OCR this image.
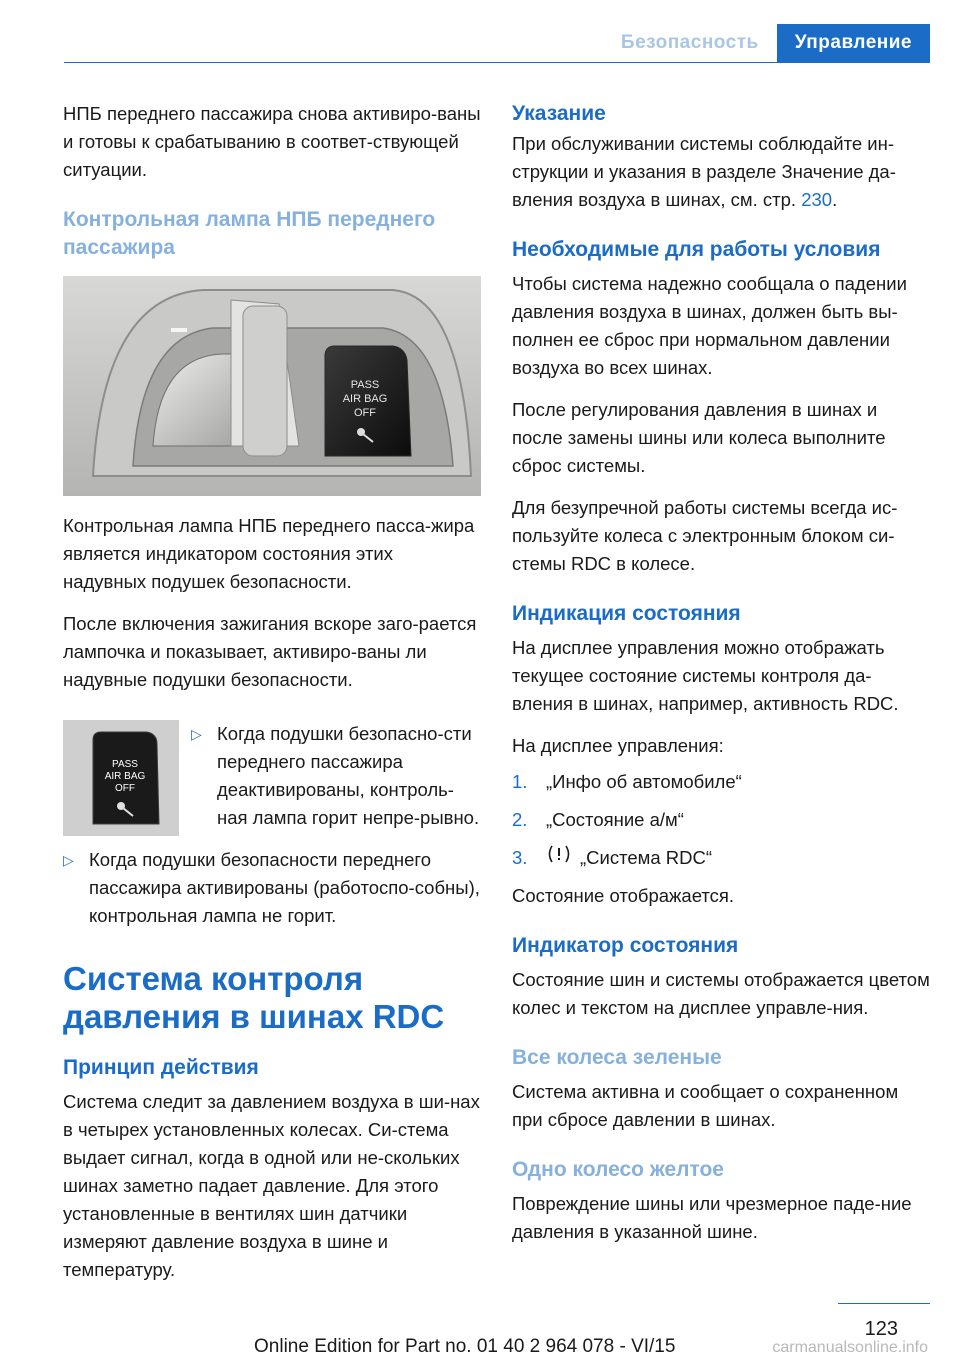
Безопасность	Управление

НПБ переднего пассажира снова активиро-ваны и готовы к срабатыванию в соответ-ствующей ситуации.

Контрольная лампа НПБ переднего пассажира
PASS
AIR BAG
OFF

Контрольная лампа НПБ переднего пасса-жира является индикатором состояния этих надувных подушек безопасности.

После включения зажигания вскоре заго-рается лампочка и показывает, активиро-ваны ли надувные подушки безопасности.

PASS
AIR BAG
OFF
▷ Когда подушки безопасно-сти переднего пассажира деактивированы, контроль-ная лампа горит непре-рывно.
▷ Когда подушки безопасности переднего пассажира активированы (работоспо-собны), контрольная лампа не горит.
Система контроля давления в шинах RDC
Принцип действия

Система следит за давлением воздуха в ши-нах в четырех установленных колесах. Си-стема выдает сигнал, когда в одной или не-скольких шинах заметно падает давление. Для этого установленные в вентилях шин датчики измеряют давление воздуха в шине и температуру.

Указание

При обслуживании системы соблюдайте ин-струкции и указания в разделе Значение да-вления воздуха в шинах, см. стр. 230.

Необходимые для работы условия

Чтобы система надежно сообщала о падении давления воздуха в шинах, должен быть вы-полнен ее сброс при нормальном давлении воздуха во всех шинах.

После регулирования давления в шинах и после замены шины или колеса выполните сброс системы.

Для безупречной работы системы всегда ис-пользуйте колеса с электронным блоком си-стемы RDC в колесе.

Индикация состояния

На дисплее управления можно отображать текущее состояние системы контроля да-вления в шинах, например, активность RDC.

На дисплее управления:

1.	„Инфо об автомобиле“
2.	„Состояние а/м“
3.	„Система RDC“

Состояние отображается.

Индикатор состояния

Состояние шин и системы отображается цветом колес и текстом на дисплее управле-ния.

Все колеса зеленые

Система активна и сообщает о сохраненном при сбросе давлении в шинах.

Одно колесо желтое

Повреждение шины или чрезмерное паде-ние давления в указанной шине.

123
Online Edition for Part no. 01 40 2 964 078 - VI/15	carmanualsonline.info
